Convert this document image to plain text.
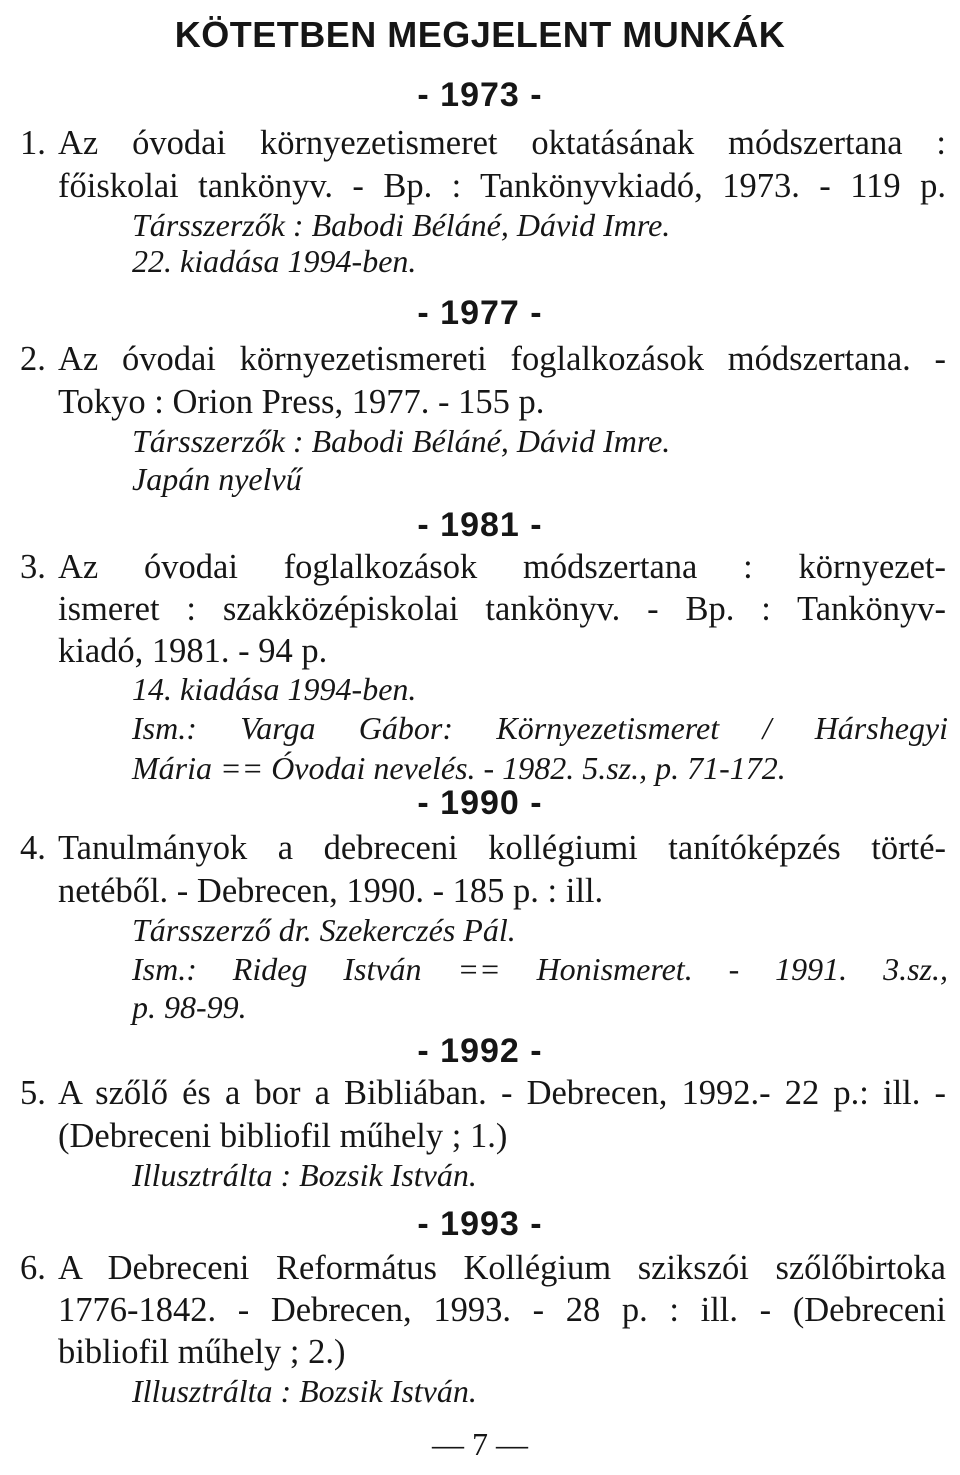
KÖTETBEN MEGJELENT MUNKÁK
- 1973 -
1. Az óvodai környezetismeret oktatásának módszertana :
főiskolai tankönyv. - Bp. : Tankönyvkiadó, 1973. - 119 p.
Társszerzők : Babodi Béláné, Dávid Imre.
22. kiadása 1994-ben.
- 1977 -
2. Az óvodai környezetismereti foglalkozások módszertana. -
Tokyo : Orion Press, 1977. - 155 p.
Társszerzők : Babodi Béláné, Dávid Imre.
Japán nyelvű
- 1981 -
3. Az óvodai foglalkozások módszertana : környezet-
ismeret : szakközépiskolai tankönyv. - Bp. : Tankönyv-
kiadó, 1981. - 94 p.
14. kiadása 1994-ben.
Ism.: Varga Gábor: Környezetismeret / Hárshegyi
Mária == Óvodai nevelés. - 1982. 5.sz., p. 71-172.
- 1990 -
4. Tanulmányok a debreceni kollégiumi tanítóképzés törté-
netéből. - Debrecen, 1990. - 185 p. : ill.
Társszerző dr. Szekerczés Pál.
Ism.: Rideg István == Honismeret. - 1991. 3.sz.,
p. 98-99.
- 1992 -
5. A szőlő és a bor a Bibliában. - Debrecen, 1992.- 22 p.: ill. -
(Debreceni bibliofil műhely ; 1.)
Illusztrálta : Bozsik István.
- 1993 -
6. A Debreceni Református Kollégium szikszói szőlőbirtoka
1776-1842. - Debrecen, 1993. - 28 p. : ill. - (Debreceni
bibliofil műhely ; 2.)
Illusztrálta : Bozsik István.
— 7 —
